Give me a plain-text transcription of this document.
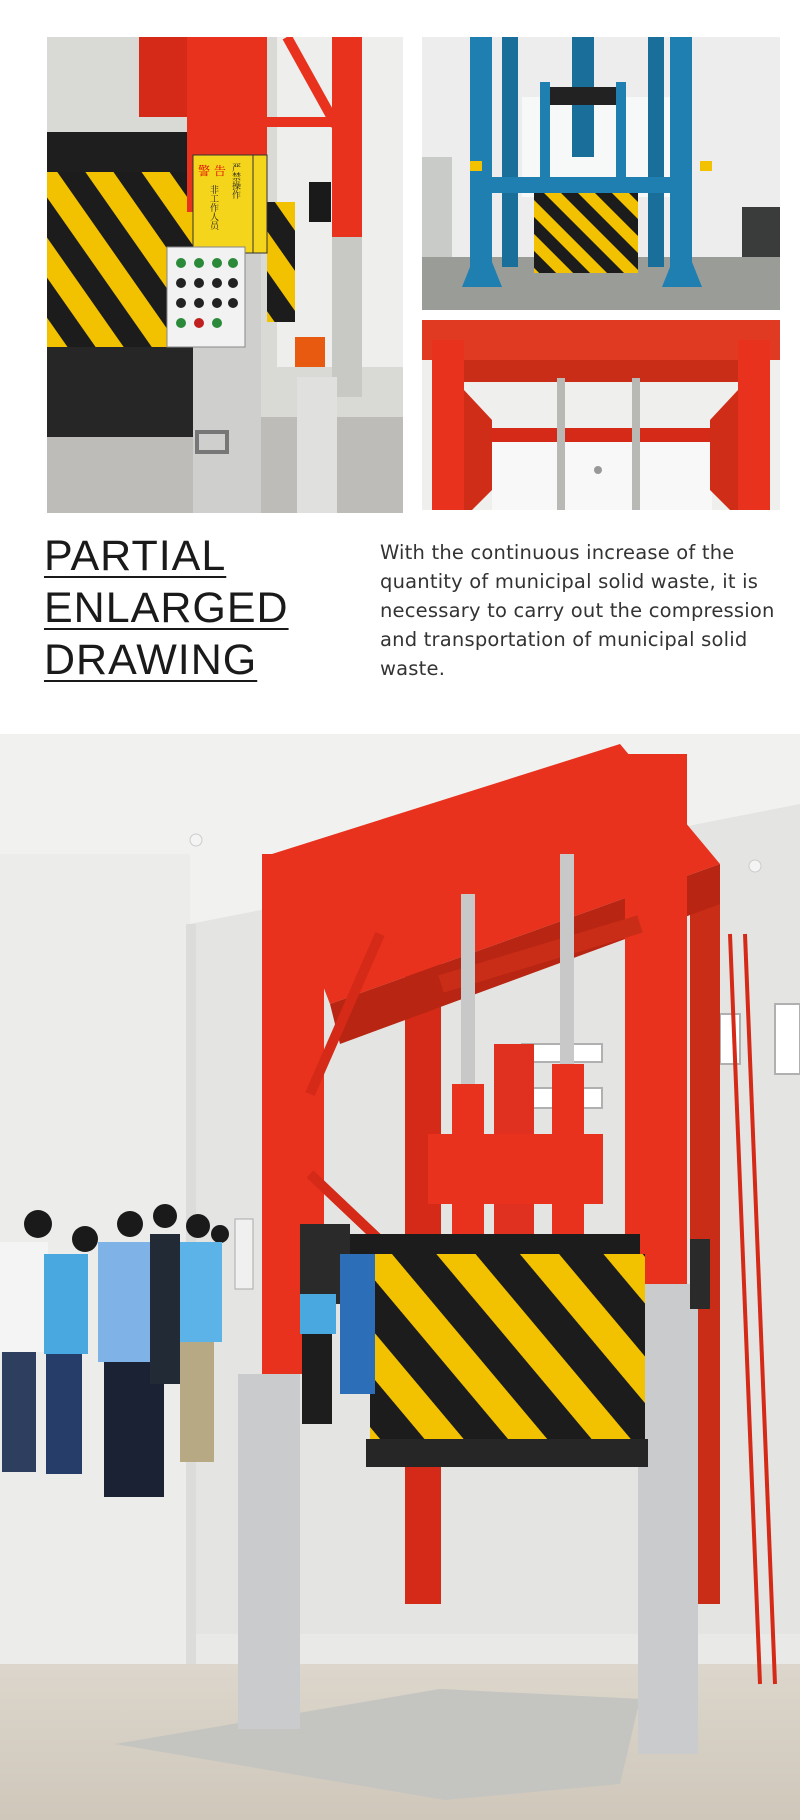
警 告 严禁操作
非工作人员
PARTIAL
ENLARGED
DRAWING

With the continuous increase of the quantity of municipal solid waste, it is necessary to carry out the compression and transportation of municipal solid waste.
